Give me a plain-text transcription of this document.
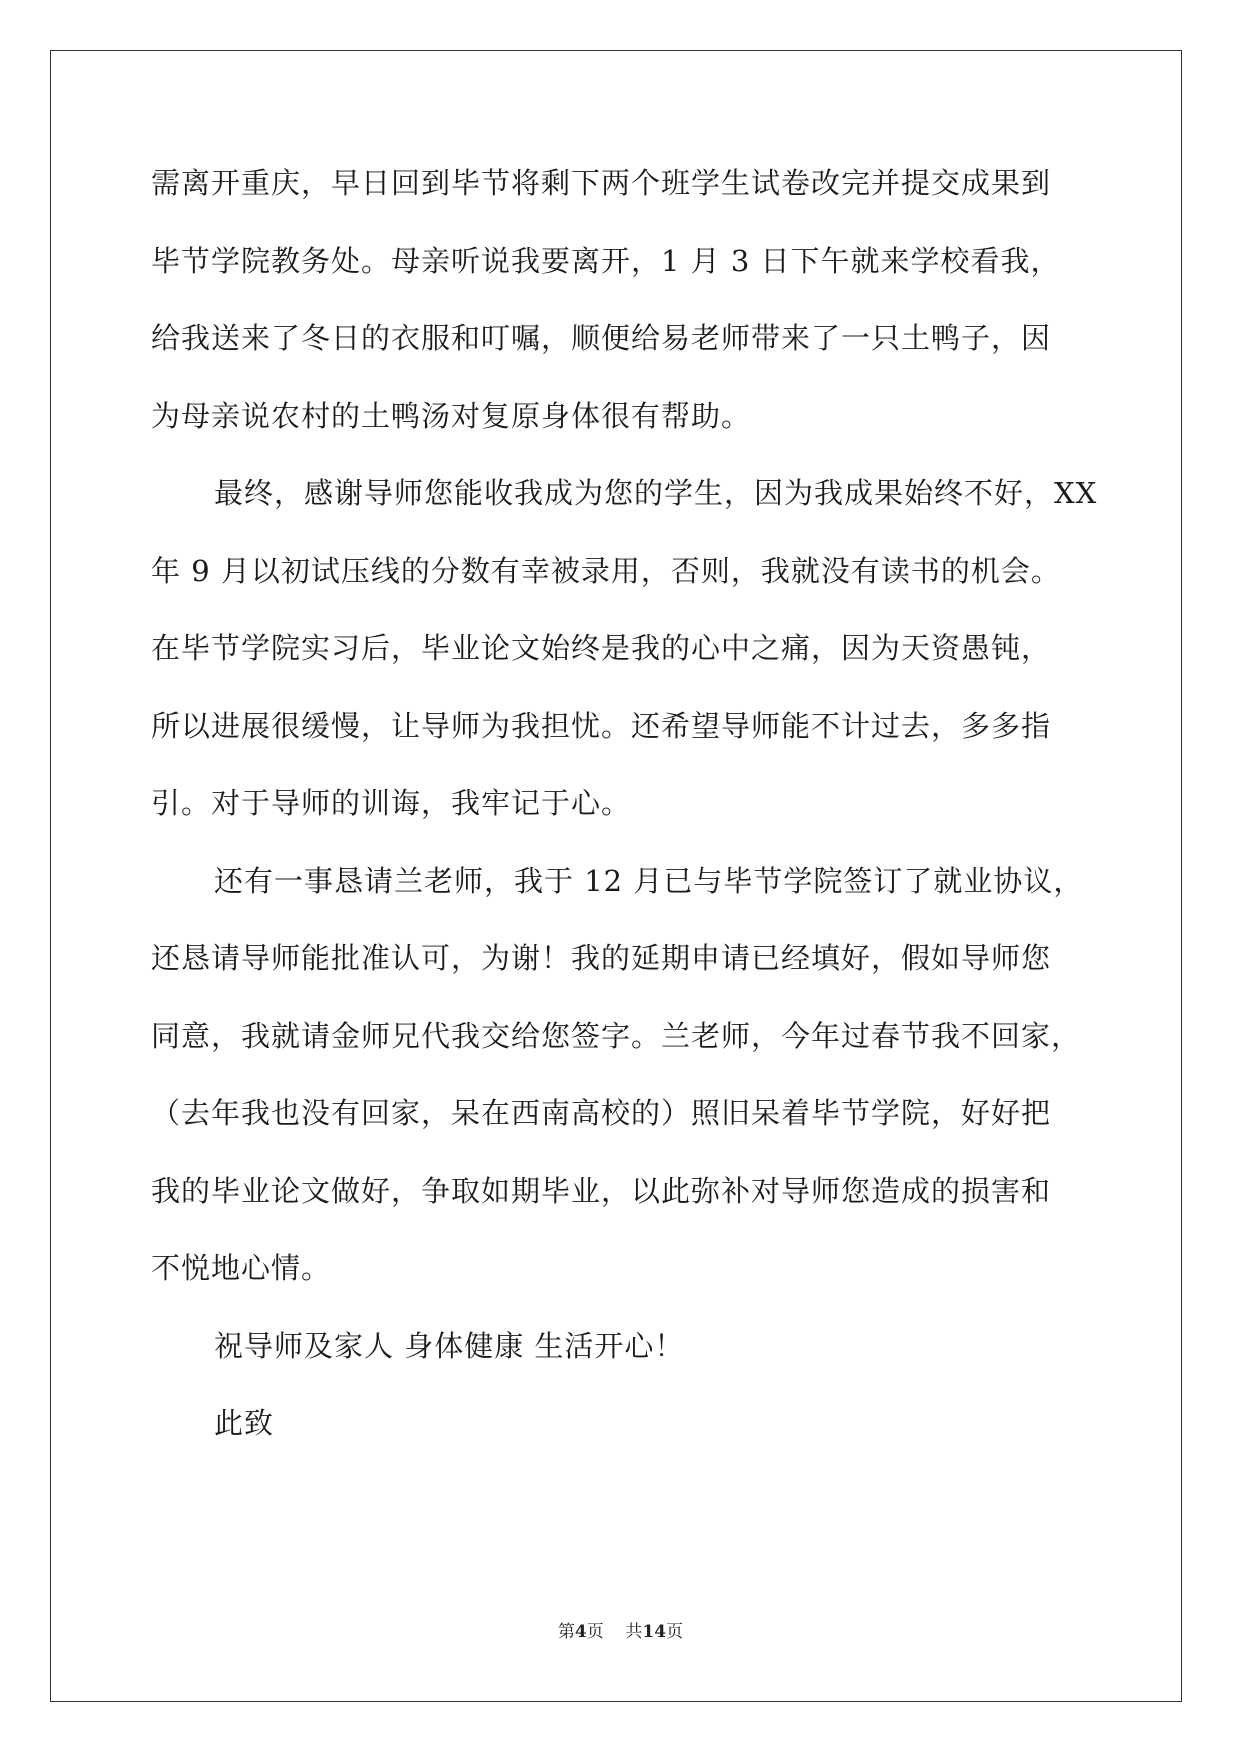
需离开重庆，早日回到毕节将剩下两个班学生试卷改完并提交成果到
毕节学院教务处。母亲听说我要离开，1 月 3 日下午就来学校看我，
给我送来了冬日的衣服和叮嘱，顺便给易老师带来了一只土鸭子，因
为母亲说农村的土鸭汤对复原身体很有帮助。
最终，感谢导师您能收我成为您的学生，因为我成果始终不好，XX
年 9 月以初试压线的分数有幸被录用，否则，我就没有读书的机会。
在毕节学院实习后，毕业论文始终是我的心中之痛，因为天资愚钝，
所以进展很缓慢，让导师为我担忧。还希望导师能不计过去，多多指
引。对于导师的训诲，我牢记于心。
还有一事恳请兰老师，我于 12 月已与毕节学院签订了就业协议，
还恳请导师能批准认可，为谢！我的延期申请已经填好，假如导师您
同意，我就请金师兄代我交给您签字。兰老师，今年过春节我不回家，
（去年我也没有回家，呆在西南高校的）照旧呆着毕节学院，好好把
我的毕业论文做好，争取如期毕业，以此弥补对导师您造成的损害和
不悦地心情。
祝导师及家人 身体健康 生活开心！
此致
第4页 共14页
